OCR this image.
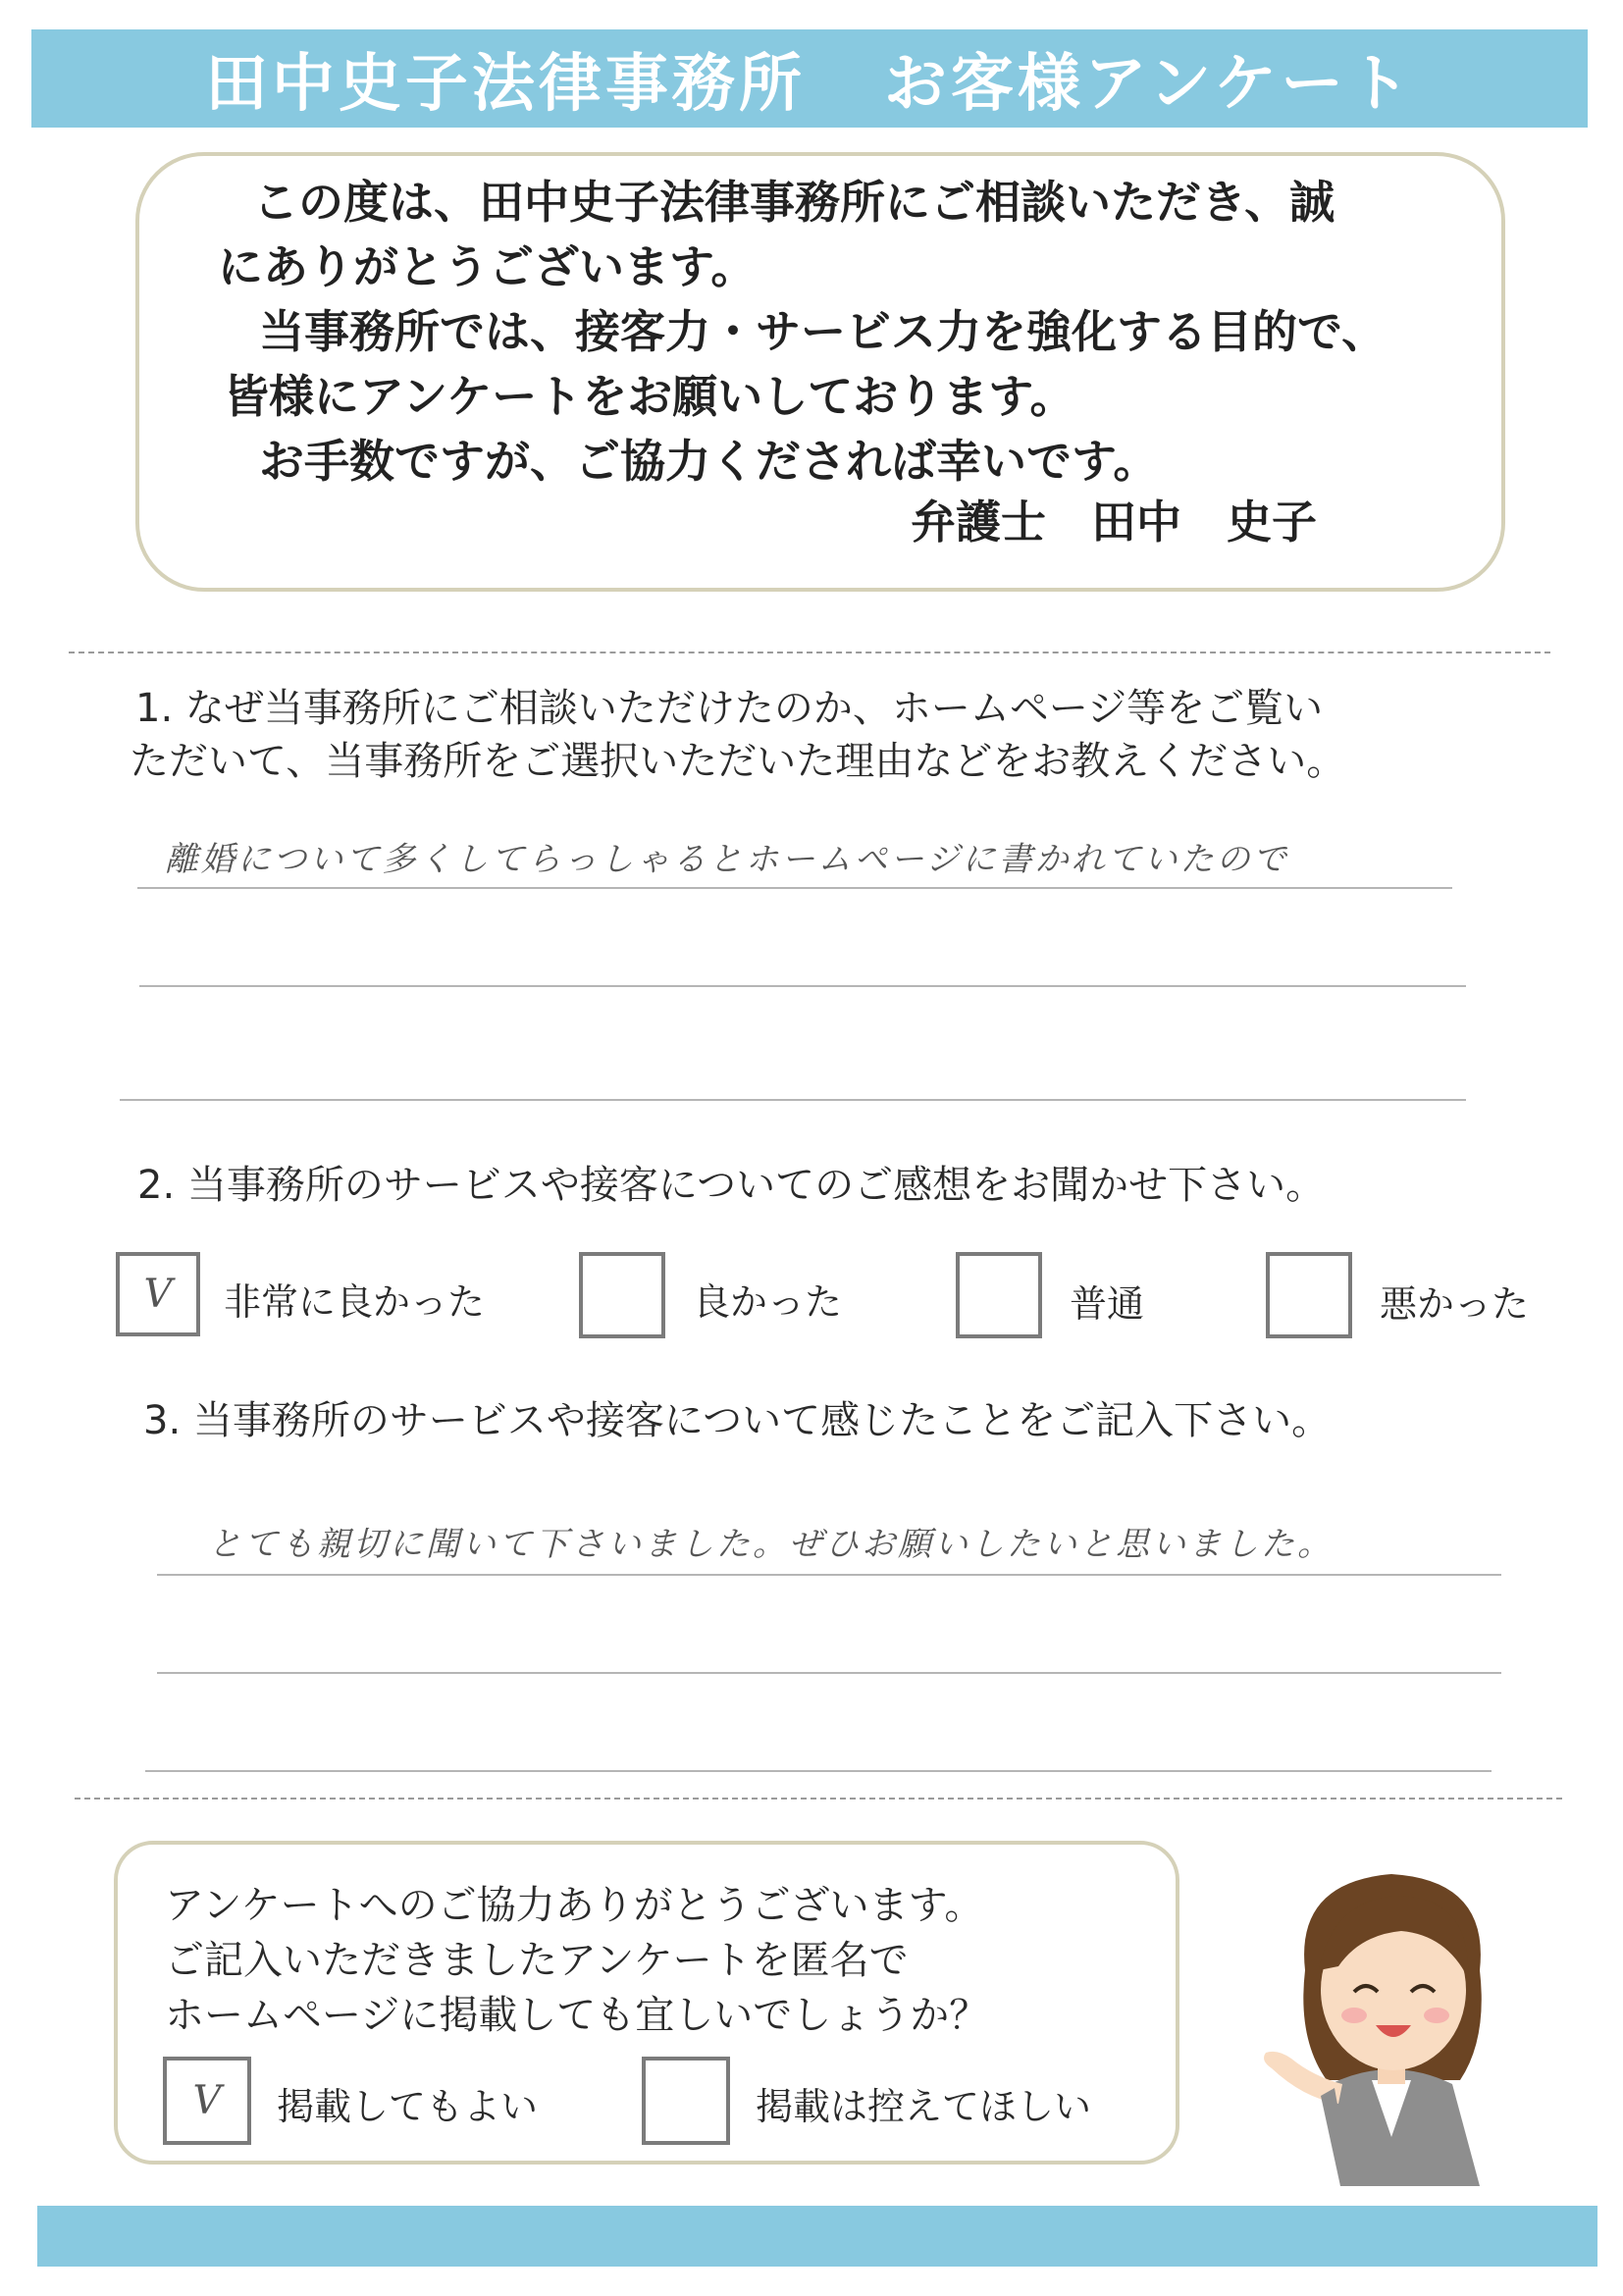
田中史子法律事務所 お客様アンケート
この度は、田中史子法律事務所にご相談いただき、誠
にありがとうございます。
当事務所では、接客力・サービス力を強化する目的で、
皆様にアンケートをお願いしております。
お手数ですが、ご協力くだされば幸いです。
弁護士　田中　史子
1. なぜ当事務所にご相談いただけたのか、ホームページ等をご覧い
ただいて、当事務所をご選択いただいた理由などをお教えください。
離婚について多くしてらっしゃるとホームページに書かれていたので
2. 当事務所のサービスや接客についてのご感想をお聞かせ下さい。
V 非常に良かった	良かった	普通	悪かった
3. 当事務所のサービスや接客について感じたことをご記入下さい。
とても親切に聞いて下さいました。ぜひお願いしたいと思いました。
アンケートへのご協力ありがとうございます。
ご記入いただきましたアンケートを匿名で
ホームページに掲載しても宜しいでしょうか？
V 掲載してもよい	掲載は控えてほしい
